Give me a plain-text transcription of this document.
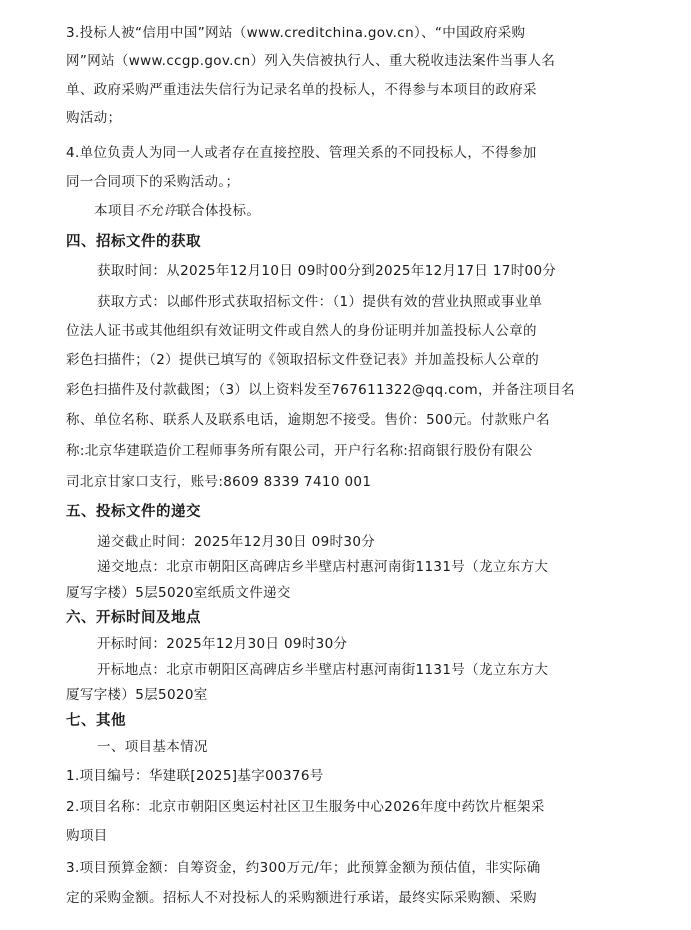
3.投标人被“信用中国”网站（www.creditchina.gov.cn）、“中国政府采购
网”网站（www.ccgp.gov.cn）列入失信被执行人、重大税收违法案件当事人名
单、政府采购严重违法失信行为记录名单的投标人，不得参与本项目的政府采
购活动；
4.单位负责人为同一人或者存在直接控股、管理关系的不同投标人，不得参加
同一合同项下的采购活动。；
本项目不允许联合体投标。
四、招标文件的获取
获取时间：从2025年12月10日 09时00分到2025年12月17日 17时00分
获取方式：以邮件形式获取招标文件：（1）提供有效的营业执照或事业单
位法人证书或其他组织有效证明文件或自然人的身份证明并加盖投标人公章的
彩色扫描件；（2）提供已填写的《领取招标文件登记表》并加盖投标人公章的
彩色扫描件及付款截图；（3）以上资料发至767611322@qq.com，并备注项目名
称、单位名称、联系人及联系电话，逾期恕不接受。售价：500元。付款账户名
称:北京华建联造价工程师事务所有限公司，开户行名称:招商银行股份有限公
司北京甘家口支行，账号:8609 8339 7410 001
五、投标文件的递交
递交截止时间：2025年12月30日 09时30分
递交地点：北京市朝阳区高碑店乡半壁店村惠河南街1131号（龙立东方大
厦写字楼）5层5020室纸质文件递交
六、开标时间及地点
开标时间：2025年12月30日 09时30分
开标地点：北京市朝阳区高碑店乡半壁店村惠河南街1131号（龙立东方大
厦写字楼）5层5020室
七、其他
一、项目基本情况
1.项目编号：华建联[2025]基字00376号
2.项目名称：北京市朝阳区奥运村社区卫生服务中心2026年度中药饮片框架采
购项目
3.项目预算金额：自筹资金，约300万元/年；此预算金额为预估值，非实际确
定的采购金额。招标人不对投标人的采购额进行承诺，最终实际采购额、采购
